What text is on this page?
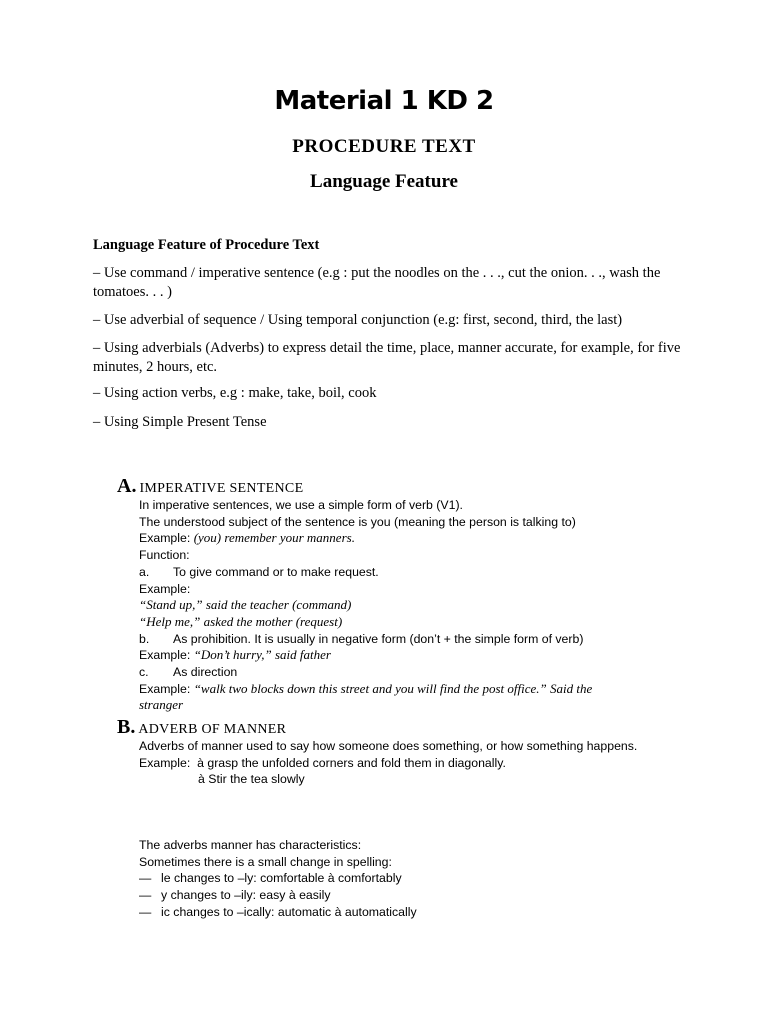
Material 1 KD 2
PROCEDURE TEXT
Language Feature
Language Feature of Procedure Text
– Use command / imperative sentence (e.g : put the noodles on the . . ., cut the onion. . ., wash the tomatoes. . . )
– Use adverbial of sequence / Using temporal conjunction (e.g: first, second, third, the last)
– Using adverbials (Adverbs) to express detail the time, place, manner accurate, for example, for five minutes, 2 hours, etc.
– Using action verbs, e.g : make, take, boil, cook
– Using Simple Present Tense
A. IMPERATIVE SENTENCE
In imperative sentences, we use a simple form of verb (V1).
The understood subject of the sentence is you (meaning the person is talking to)
Example: (you) remember your manners.
Function:
a. To give command or to make request.
Example:
“Stand up,” said the teacher (command)
“Help me,” asked the mother (request)
b. As prohibition. It is usually in negative form (don’t + the simple form of verb)
Example: “Don’t hurry,” said father
c. As direction
Example: “walk two blocks down this street and you will find the post office.” Said the
stranger
B. ADVERB OF MANNER
Adverbs of manner used to say how someone does something, or how something happens.
Example: à grasp the unfolded corners and fold them in diagonally.
à Stir the tea slowly
The adverbs manner has characteristics:
Sometimes there is a small change in spelling:
— le changes to –ly: comfortable à comfortably
— y changes to –ily: easy à easily
— ic changes to –ically: automatic à automatically
